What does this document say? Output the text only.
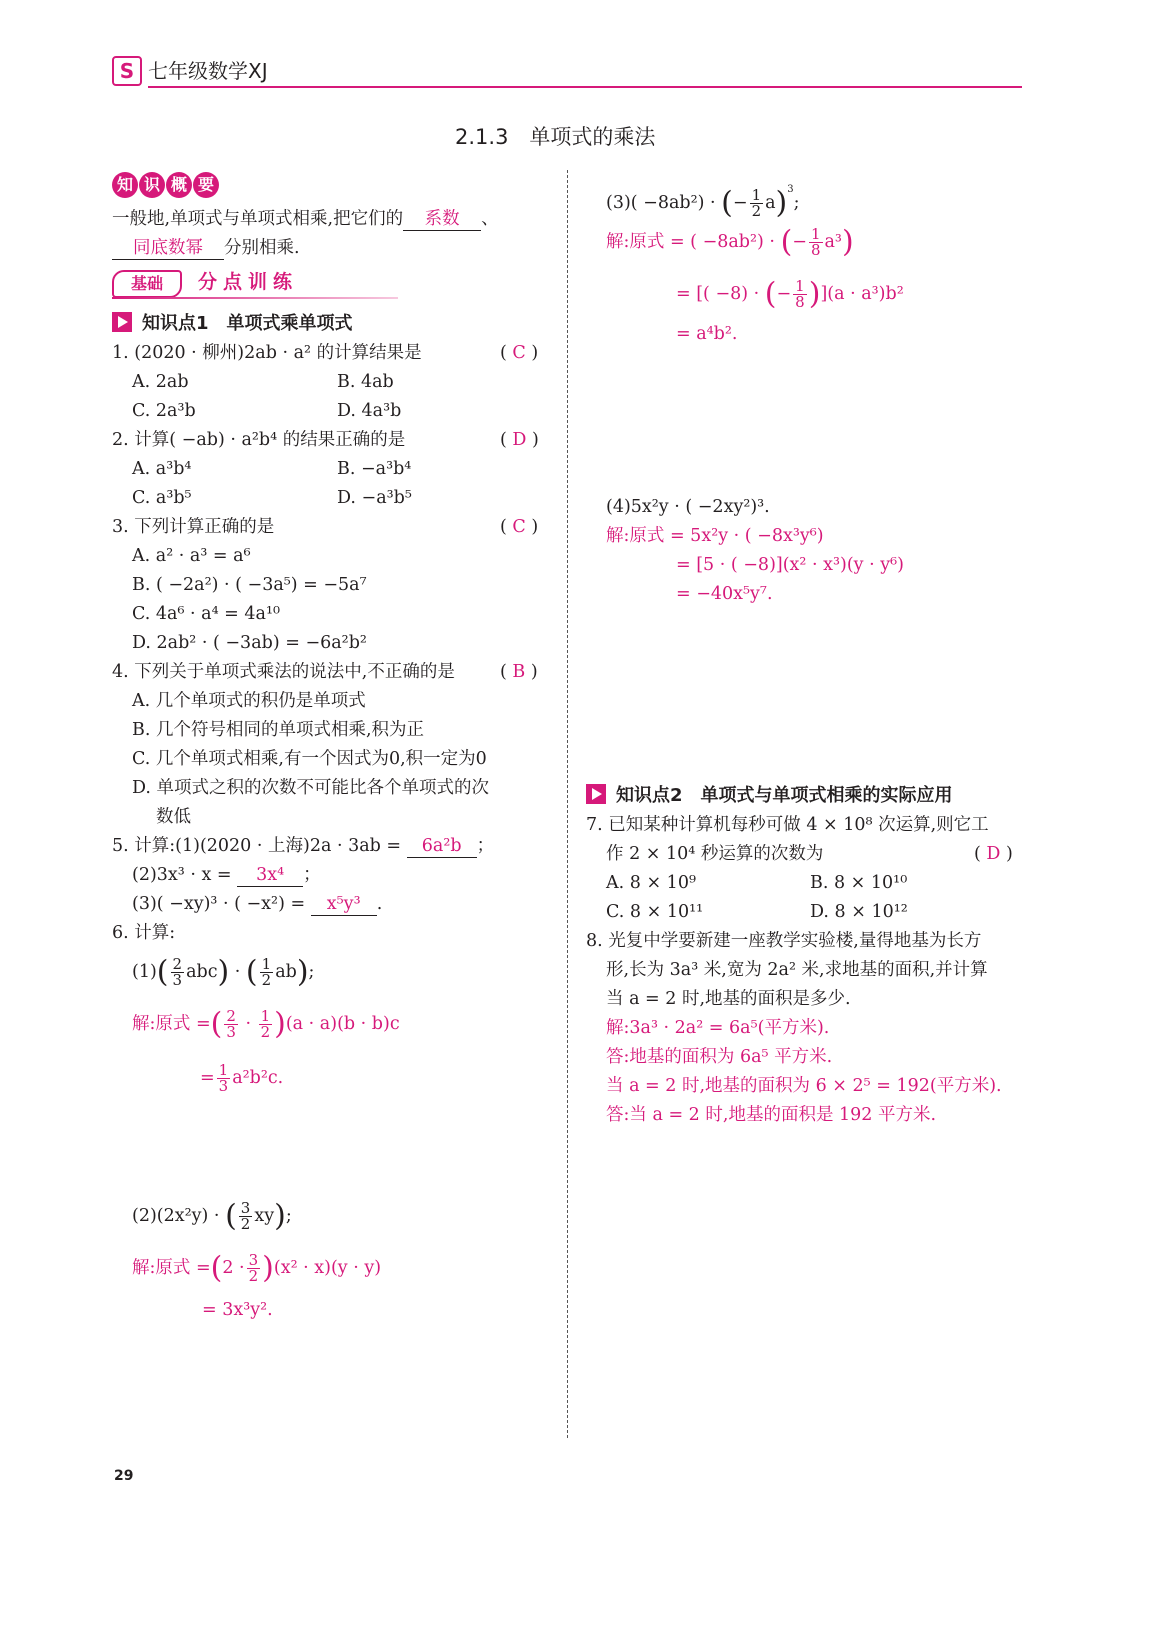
S 七年级数学XJ
2.1.3　单项式的乘法
知 识 概 要
一般地,单项式与单项式相乘,把它们的 系数 、
同底数幂 分别相乘.
基础	分点训练
知识点1　单项式乘单项式
1. (2020 · 柳州)2ab · a² 的计算结果是	( C )
A. 2ab	B. 4ab
C. 2a³b	D. 4a³b
2. 计算( −ab) · a²b⁴ 的结果正确的是	( D )
A. a³b⁴	B. −a³b⁴
C. a³b⁵	D. −a³b⁵
3. 下列计算正确的是	( C )
A. a² · a³ = a⁶
B. ( −2a²) · ( −3a⁵) = −5a⁷
C. 4a⁶ · a⁴ = 4a¹⁰
D. 2ab² · ( −3ab) = −6a²b²
4. 下列关于单项式乘法的说法中,不正确的是	( B )
A. 几个单项式的积仍是单项式
B. 几个符号相同的单项式相乘,积为正
C. 几个单项式相乘,有一个因式为0,积一定为0
D. 单项式之积的次数不可能比各个单项式的次
数低
5. 计算:(1)(2020 · 上海)2a · 3ab = 6a²b ；
(2)3x³ · x = 3x⁴ ；
(3)( −xy)³ · ( −x²) = x⁵y³ .
6. 计算:
$(1)( \frac{2}{3} abc)$ · ( $\frac{1}{2} ab$);
解:原式 =( $\frac{2}{3} \cdot \frac{1}{2} )(a \cdot a)(b \cdot b)c$
= $\frac{1}{3} a^2b^2c$.
(2)(2x²y) · ( $\frac{3}{2} xy$);
解:原式 $=(2 \cdot \frac{3}{2} )(x^2 \cdot x)(y \cdot y)$
= 3x³y².
(3)( −8ab²) · (− $\frac{1}{2} a)^3$;
解:原式 = ( −8ab²) · (− $\frac{1}{8} a^3$)
= [( −8) · (− $\frac{1}{8} )](a \cdot a^3)b^2$
= a⁴b².
(4)5x²y · ( −2xy²)³.
解:原式 = 5x²y · ( −8x³y⁶)
= [5 · ( −8)](x² · x³)(y · y⁶)
= −40x⁵y⁷.
知识点2　单项式与单项式相乘的实际应用
7. 已知某种计算机每秒可做 4 × 10⁸ 次运算,则它工
作 2 × 10⁴ 秒运算的次数为	( D )
A. 8 × 10⁹	B. 8 × 10¹⁰
C. 8 × 10¹¹	D. 8 × 10¹²
8. 光复中学要新建一座教学实验楼,量得地基为长方
形,长为 3a³ 米,宽为 2a² 米,求地基的面积,并计算
当 a = 2 时,地基的面积是多少.
解:3a³ · 2a² = 6a⁵(平方米).
答:地基的面积为 6a⁵ 平方米.
当 a = 2 时,地基的面积为 6 × 2⁵ = 192(平方米).
答:当 a = 2 时,地基的面积是 192 平方米.
29
